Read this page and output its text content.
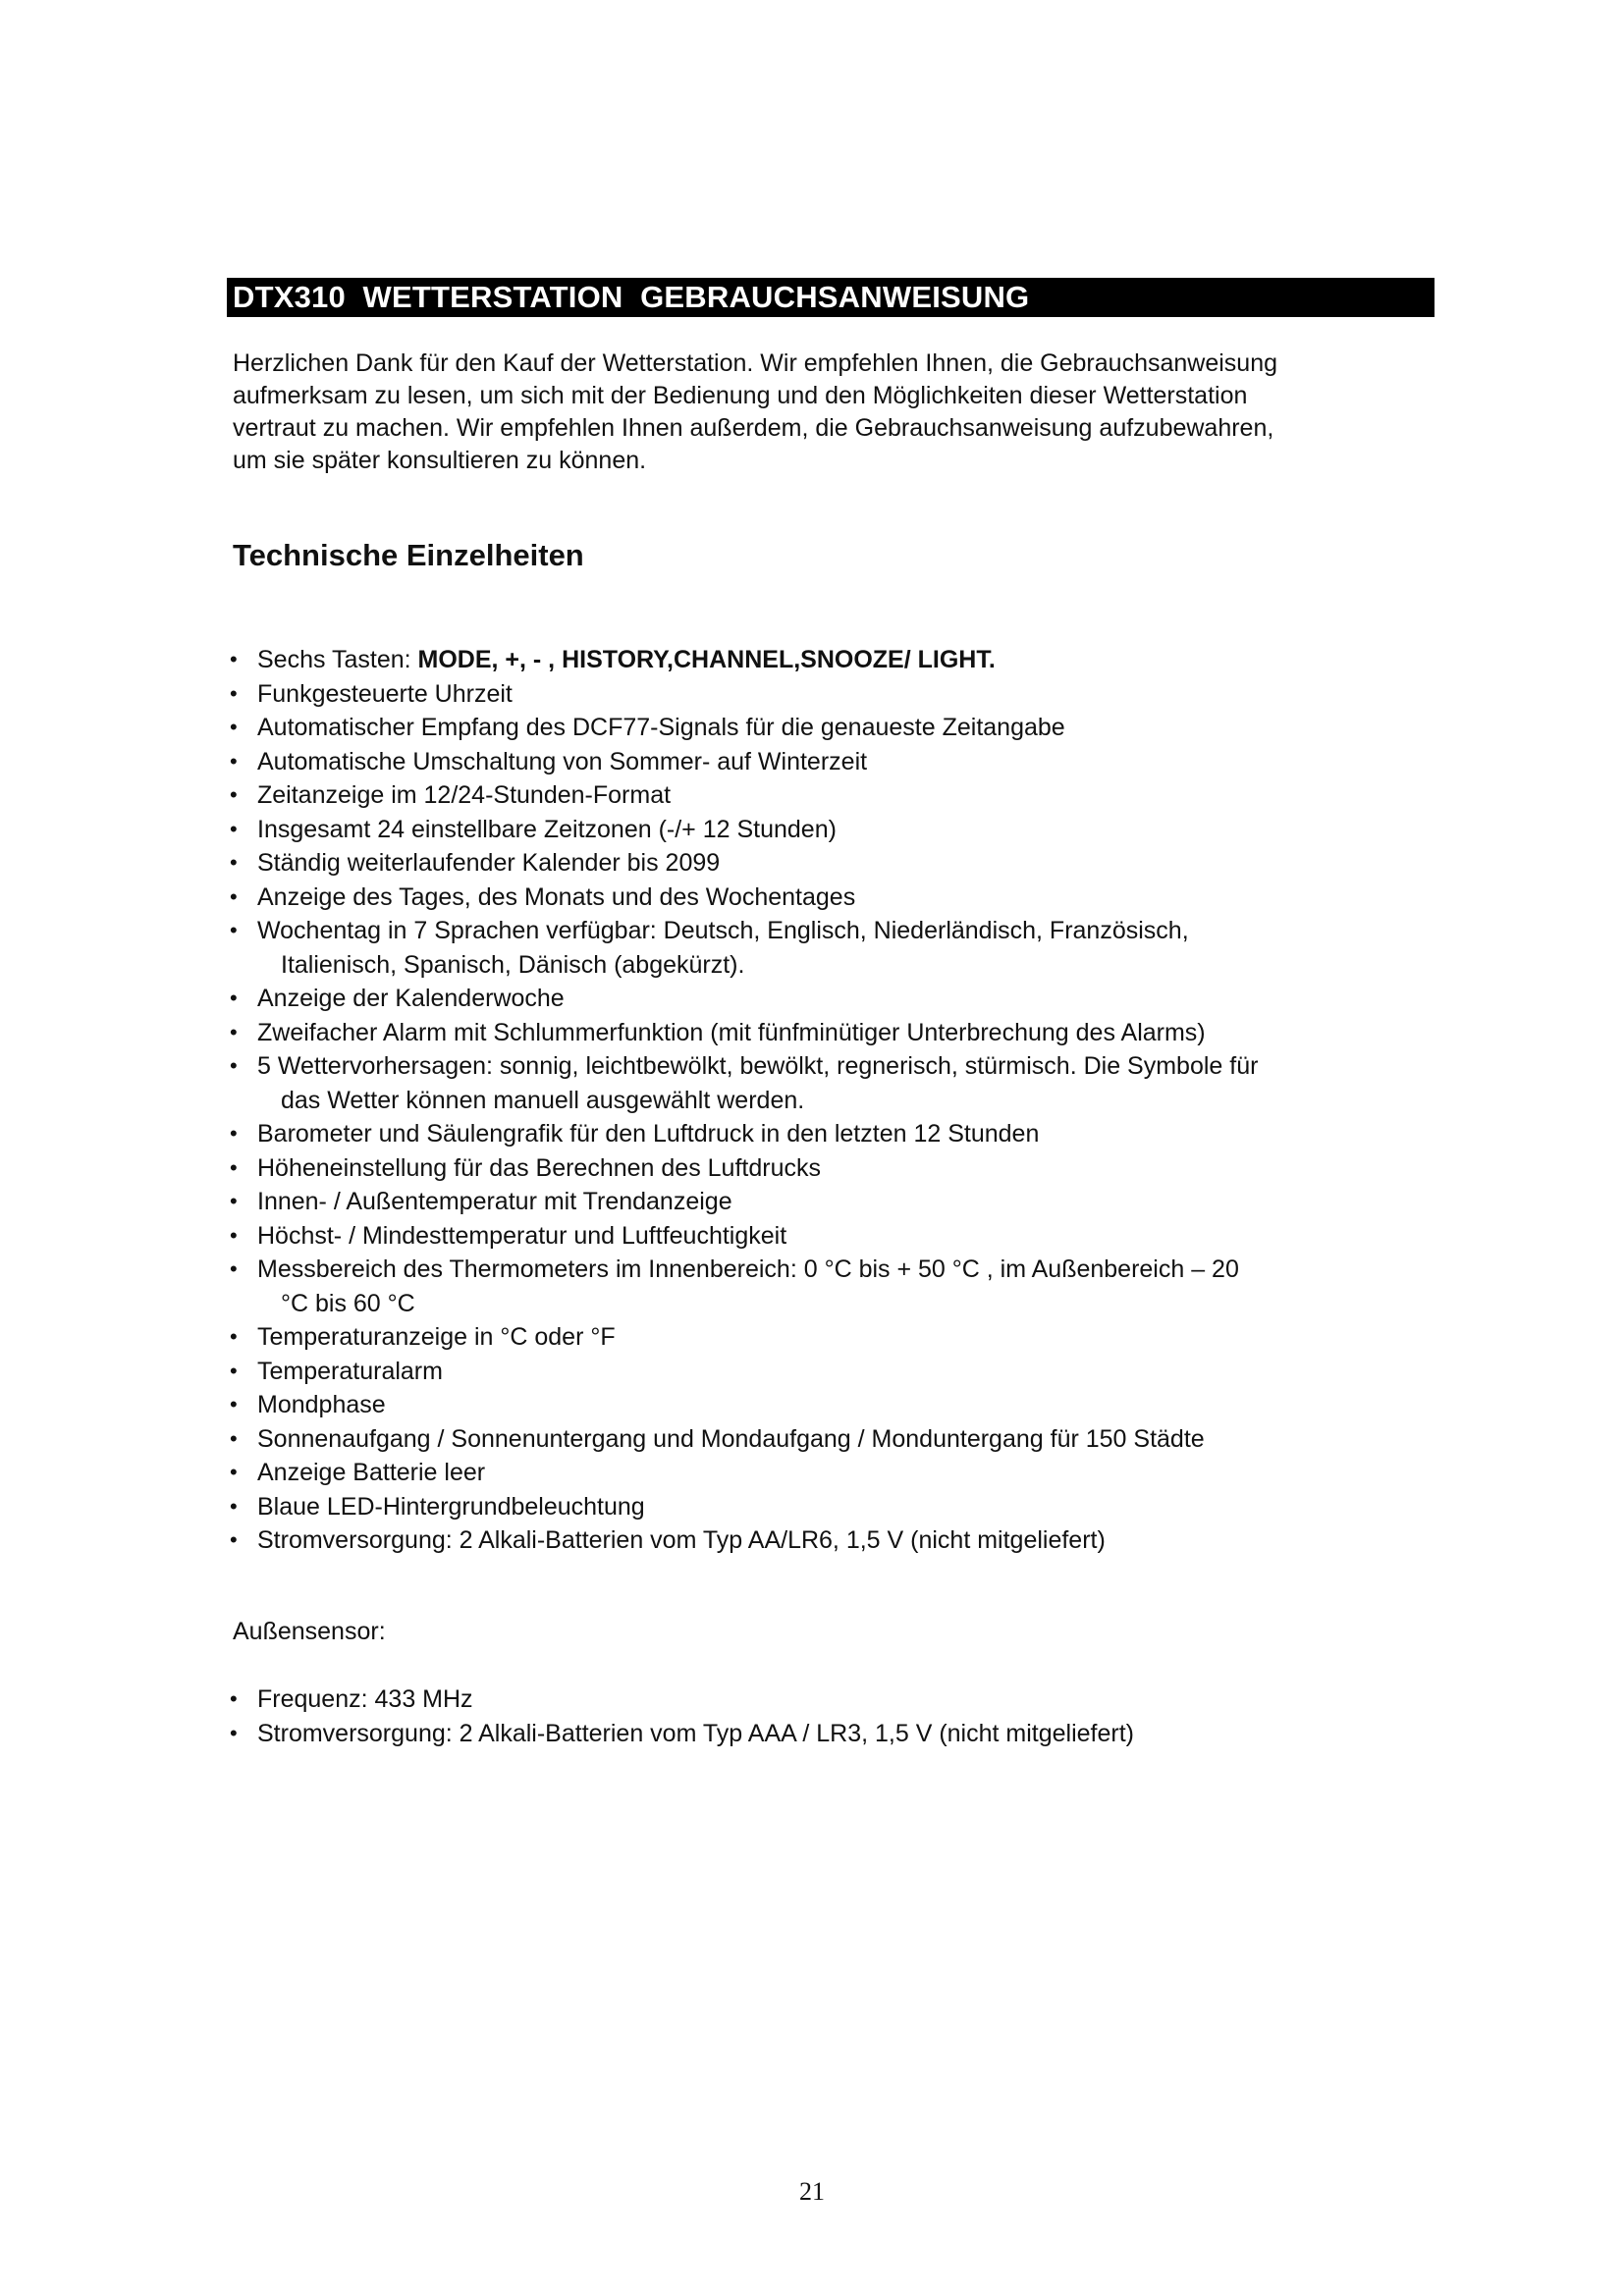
DTX310  WETTERSTATION  GEBRAUCHSANWEISUNG

Herzlichen Dank für den Kauf der Wetterstation. Wir empfehlen Ihnen, die Gebrauchsanweisung
aufmerksam zu lesen, um sich mit der Bedienung und den Möglichkeiten dieser Wetterstation
vertraut zu machen. Wir empfehlen Ihnen außerdem, die Gebrauchsanweisung aufzubewahren,
um sie später konsultieren zu können.

Technische Einzelheiten
• Sechs Tasten: MODE, +, - , HISTORY,CHANNEL,SNOOZE/ LIGHT.
• Funkgesteuerte Uhrzeit
• Automatischer Empfang des DCF77-Signals für die genaueste Zeitangabe
• Automatische Umschaltung von Sommer- auf Winterzeit
• Zeitanzeige im 12/24-Stunden-Format
• Insgesamt 24 einstellbare Zeitzonen (-/+ 12 Stunden)
• Ständig weiterlaufender Kalender bis 2099
• Anzeige des Tages, des Monats und des Wochentages
• Wochentag in 7 Sprachen verfügbar: Deutsch, Englisch, Niederländisch, Französisch,
Italienisch, Spanisch, Dänisch (abgekürzt).
• Anzeige der Kalenderwoche
• Zweifacher Alarm mit Schlummerfunktion (mit fünfminütiger Unterbrechung des Alarms)
• 5 Wettervorhersagen: sonnig, leichtbewölkt, bewölkt, regnerisch, stürmisch. Die Symbole für
das Wetter können manuell ausgewählt werden.
• Barometer und Säulengrafik für den Luftdruck in den letzten 12 Stunden
• Höheneinstellung für das Berechnen des Luftdrucks
• Innen- / Außentemperatur mit Trendanzeige
• Höchst- / Mindesttemperatur und Luftfeuchtigkeit
• Messbereich des Thermometers im Innenbereich: 0 °C bis + 50 °C , im Außenbereich – 20
°C bis 60 °C
• Temperaturanzeige in °C oder °F
• Temperaturalarm
• Mondphase
• Sonnenaufgang / Sonnenuntergang und Mondaufgang / Monduntergang für 150 Städte
• Anzeige Batterie leer
• Blaue LED-Hintergrundbeleuchtung
• Stromversorgung: 2 Alkali-Batterien vom Typ AA/LR6, 1,5 V (nicht mitgeliefert)

Außensensor:

• Frequenz: 433 MHz
• Stromversorgung: 2 Alkali-Batterien vom Typ AAA / LR3, 1,5 V (nicht mitgeliefert)
21
